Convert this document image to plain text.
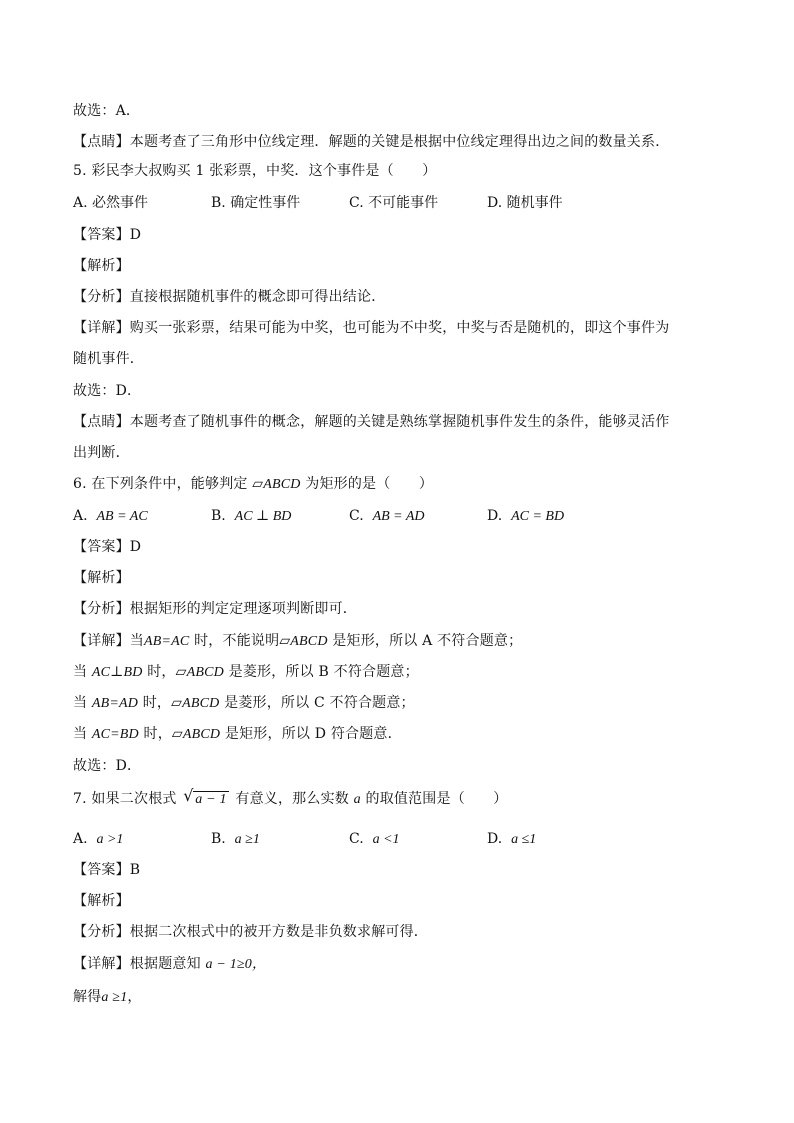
故选：A．
【点睛】本题考查了三角形中位线定理．解题的关键是根据中位线定理得出边之间的数量关系．
5. 彩民李大叔购买 1 张彩票，中奖．这个事件是（　　）
A. 必然事件	B. 确定性事件	C. 不可能事件	D. 随机事件
【答案】D
【解析】
【分析】直接根据随机事件的概念即可得出结论．
【详解】购买一张彩票，结果可能为中奖，也可能为不中奖，中奖与否是随机的，即这个事件为
随机事件．
故选：D．
【点睛】本题考查了随机事件的概念，解题的关键是熟练掌握随机事件发生的条件，能够灵活作
出判断．
6. 在下列条件中，能够判定 ▱ABCD 为矩形的是（　　）
A. AB = AC	B. AC ⊥ BD	C. AB = AD	D. AC = BD
【答案】D
【解析】
【分析】根据矩形的判定定理逐项判断即可．
【详解】当AB=AC 时，不能说明▱ABCD 是矩形，所以 A 不符合题意；
当 AC⊥BD 时，▱ABCD 是菱形，所以 B 不符合题意；
当 AB=AD 时，▱ABCD 是菱形，所以 C 不符合题意；
当 AC=BD 时，▱ABCD 是矩形，所以 D 符合题意．
故选：D．
7. 如果二次根式 √ a − 1 有意义，那么实数 a 的取值范围是（　　）
A. a >1	B. a ≥1	C. a <1	D. a ≤1
【答案】B
【解析】
【分析】根据二次根式中的被开方数是非负数求解可得．
【详解】根据题意知 a − 1≥0，
解得a ≥1，
